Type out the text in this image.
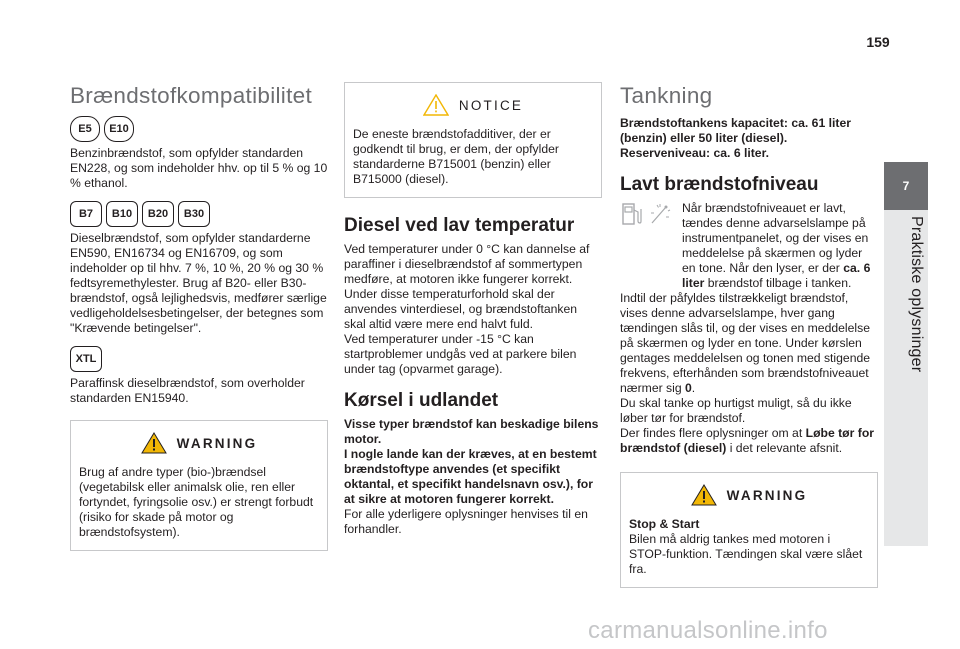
159
7
Praktiske oplysninger
Brændstofkompatibilitet
E5	E10

Benzinbrændstof, som opfylder standarden EN228, og som indeholder hhv. op til 5 % og 10 % ethanol.

B7	B10	B20	B30

Dieselbrændstof, som opfylder standarderne EN590, EN16734 og EN16709, og som indeholder op til hhv. 7 %, 10 %, 20 % og 30 % fedtsyremethylester. Brug af B20- eller B30-brændstof, også lejlighedsvis, medfører særlige vedligeholdelsesbetingelser, der betegnes som "Krævende betingelser".

XTL

Paraffinsk dieselbrændstof, som overholder standarden EN15940.

WARNING

Brug af andre typer (bio-)brændsel (vegetabilsk eller animalsk olie, ren eller fortyndet, fyringsolie osv.) er strengt forbudt (risiko for skade på motor og brændstofsystem).

NOTICE

De eneste brændstofadditiver, der er godkendt til brug, er dem, der opfylder standarderne B715001 (benzin) eller B715000 (diesel).

Diesel ved lav temperatur

Ved temperaturer under 0 °C kan dannelse af paraffiner i dieselbrændstof af sommertypen medføre, at motoren ikke fungerer korrekt. Under disse temperaturforhold skal der anvendes vinterdiesel, og brændstoftanken skal altid være mere end halvt fuld.

Ved temperaturer under -15 °C kan startproblemer undgås ved at parkere bilen under tag (opvarmet garage).

Kørsel i udlandet

Visse typer brændstof kan beskadige bilens motor.
I nogle lande kan der kræves, at en bestemt brændstoftype anvendes (et specifikt oktantal, et specifikt handelsnavn osv.), for at sikre at motoren fungerer korrekt.

For alle yderligere oplysninger henvises til en forhandler.

Tankning

Brændstoftankens kapacitet: ca. 61 liter (benzin) eller 50 liter (diesel).

Reserveniveau: ca. 6 liter.

Lavt brændstofniveau

Når brændstofniveauet er lavt, tændes denne advarselslampe på instrumentpanelet, og der vises en meddelelse på skærmen og lyder en tone. Når den lyser, er der ca. 6 liter brændstof tilbage i tanken.

Indtil der påfyldes tilstrækkeligt brændstof, vises denne advarselslampe, hver gang tændingen slås til, og der vises en meddelelse på skærmen og lyder en tone. Under kørslen gentages meddelelsen og tonen med stigende frekvens, efterhånden som brændstofniveauet nærmer sig 0.

Du skal tanke op hurtigst muligt, så du ikke løber tør for brændstof.

Der findes flere oplysninger om at Løbe tør for brændstof (diesel) i det relevante afsnit.

WARNING

Stop & Start

Bilen må aldrig tankes med motoren i STOP-funktion. Tændingen skal være slået fra.

carmanualsonline.info
